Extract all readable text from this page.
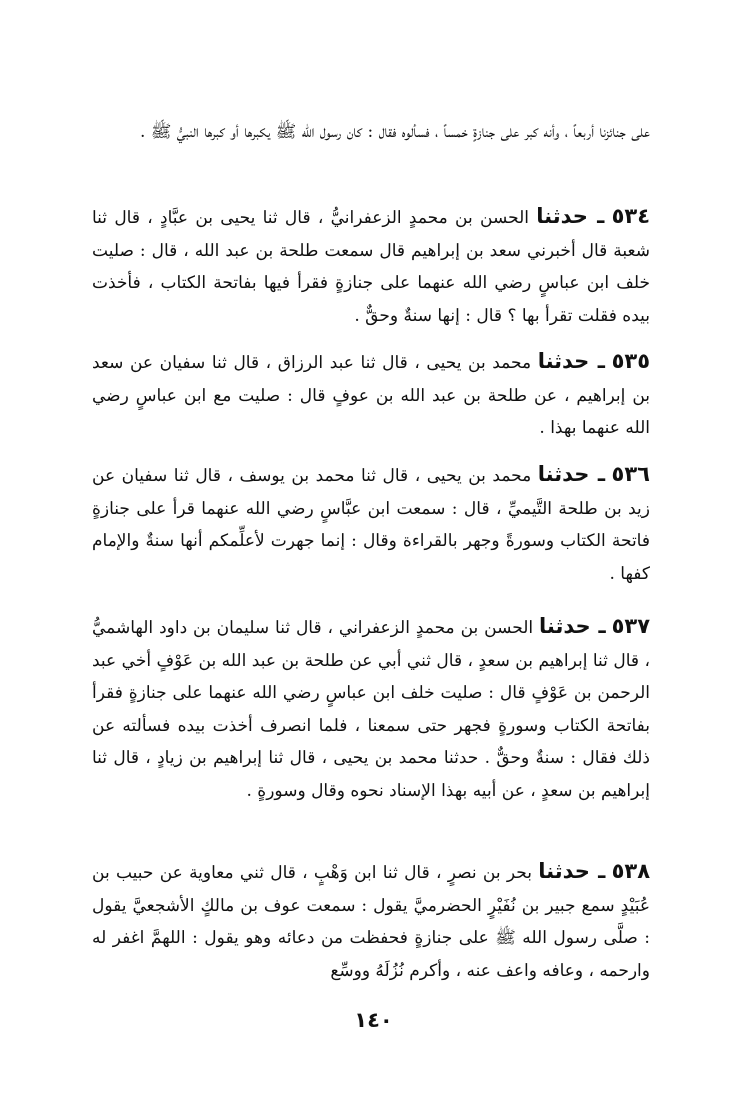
على جنائزنا أربعاً ، وأنه كبر على جنازةٍ خمساً ، فسألوه فقال : كان رسول الله ﷺ يكبرها أو كبرها النبيُّ ﷺ .

٥٣٤ ـ حدثنا الحسن بن محمدٍ الزعفرانيُّ ، قال ثنا يحيى بن عبَّادٍ ، قال ثنا شعبة قال أخبرني سعد بن إبراهيم قال سمعت طلحة بن عبد الله ، قال : صليت خلف ابن عباسٍ رضي الله عنهما على جنازةٍ فقرأ فيها بفاتحة الكتاب ، فأخذت بيده فقلت تقرأ بها ؟ قال : إنها سنةٌ وحقٌّ .
٥٣٥ ـ حدثنا محمد بن يحيى ، قال ثنا عبد الرزاق ، قال ثنا سفيان عن سعد بن إبراهيم ، عن طلحة بن عبد الله بن عوفٍ قال : صليت مع ابن عباسٍ رضي الله عنهما بهذا .
٥٣٦ ـ حدثنا محمد بن يحيى ، قال ثنا محمد بن يوسف ، قال ثنا سفيان عن زيد بن طلحة التَّيميِّ ، قال : سمعت ابن عبَّاسٍ رضي الله عنهما قرأ على جنازةٍ فاتحة الكتاب وسورةً وجهر بالقراءة وقال : إنما جهرت لأعلِّمكم أنها سنةٌ والإمام كفها .
٥٣٧ ـ حدثنا الحسن بن محمدٍ الزعفراني ، قال ثنا سليمان بن داود الهاشميُّ ، قال ثنا إبراهيم بن سعدٍ ، قال ثني أبي عن طلحة بن عبد الله بن عَوْفٍ أخي عبد الرحمن بن عَوْفٍ قال : صليت خلف ابن عباسٍ رضي الله عنهما على جنازةٍ فقرأ بفاتحة الكتاب وسورةٍ فجهر حتى سمعنا ، فلما انصرف أخذت بيده فسألته عن ذلك فقال : سنةٌ وحقٌّ . حدثنا محمد بن يحيى ، قال ثنا إبراهيم بن زيادٍ ، قال ثنا إبراهيم بن سعدٍ ، عن أبيه بهذا الإسناد نحوه وقال وسورةٍ .
٥٣٨ ـ حدثنا بحر بن نصرٍ ، قال ثنا ابن وَهْبٍ ، قال ثني معاوية عن حبيب بن عُبَيْدٍ سمع جبير بن نُفَيْرٍ الحضرميَّ يقول : سمعت عوف بن مالكٍ الأشجعيَّ يقول : صلَّى رسول الله ﷺ على جنازةٍ فحفظت من دعائه وهو يقول : اللهمَّ اغفر له وارحمه ، وعافه واعف عنه ، وأكرم نُزُلَهُ ووسِّع
١٤٠
